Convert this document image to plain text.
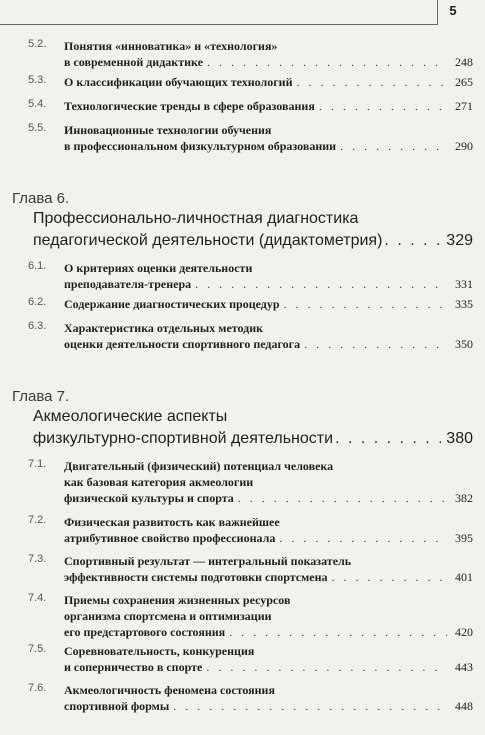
5
5.2.	Понятия «инноватика» и «технология»
в современной дидактике . . .	248
5.3.	О классификации обучающих технологий . . .	265
5.4.	Технологические тренды в сфере образования . . .	271
5.5.	Инновационные технологии обучения
в профессиональном физкультурном образовании . . .	290
Глава 6.
Профессионально-личностная диагностика
педагогической деятельности (дидактометрия) . . .	329
6.1.	О критериях оценки деятельности
преподавателя-тренера . . .	331
6.2.	Содержание диагностических процедур . . .	335
6.3.	Характеристика отдельных методик
оценки деятельности спортивного педагога . . .	350
Глава 7.
Акмеологические аспекты
физкультурно-спортивной деятельности . . .	380
7.1.	Двигательный (физический) потенциал человека
как базовая категория акмеологии
физической культуры и спорта . . .	382
7.2.	Физическая развитость как важнейшее
атрибутивное свойство профессионала . . .	395
7.3.	Спортивный результат — интегральный показатель
эффективности системы подготовки спортсмена . . .	401
7.4.	Приемы сохранения жизненных ресурсов
организма спортсмена и оптимизации
его предстартового состояния . . .	420
7.5.	Соревновательность, конкуренция
и соперничество в спорте . . .	443
7.6.	Акмеологичность феномена состояния
спортивной формы . . .	448
